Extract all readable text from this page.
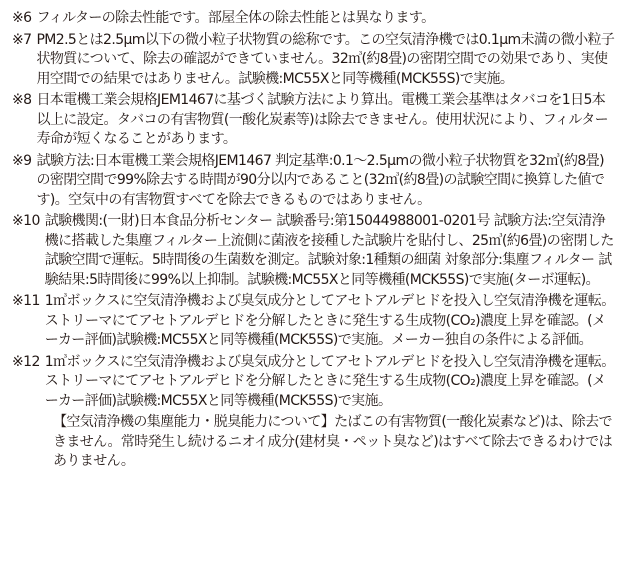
※6 フィルターの除去性能です。部屋全体の除去性能とは異なります。

※7 PM2.5とは2.5μm以下の微小粒子状物質の総称です。この空気清浄機では0.1μm未満の微小粒子状物質について、除去の確認ができていません。32㎥(約8畳)の密閉空間での効果であり、実使用空間での結果ではありません。試験機:MC55Xと同等機種(MCK55S)で実施。

※8 日本電機工業会規格JEM1467に基づく試験方法により算出。電機工業会基準はタバコを1日5本以上に設定。タバコの有害物質(一酸化炭素等)は除去できません。使用状況により、フィルター寿命が短くなることがあります。

※9 試験方法:日本電機工業会規格JEM1467 判定基準:0.1～2.5μmの微小粒子状物質を32㎥(約8畳)の密閉空間で99%除去する時間が90分以内であること(32㎥(約8畳)の試験空間に換算した値です)。空気中の有害物質すべてを除去できるものではありません。

※10 試験機関:(一財)日本食品分析センター 試験番号:第15044988001-0201号 試験方法:空気清浄機に搭載した集塵フィルター上流側に菌液を接種した試験片を貼付し、25㎥(約6畳)の密閉した試験空間で運転。5時間後の生菌数を測定。試験対象:1種類の細菌 対象部分:集塵フィルター 試験結果:5時間後に99%以上抑制。試験機:MC55Xと同等機種(MCK55S)で実施(ターボ運転)。

※11 1㎥ボックスに空気清浄機および臭気成分としてアセトアルデヒドを投入し空気清浄機を運転。ストリーマにてアセトアルデヒドを分解したときに発生する生成物(CO₂)濃度上昇を確認。(メーカー評価)試験機:MC55Xと同等機種(MCK55S)で実施。メーカー独自の条件による評価。

※12 1㎥ボックスに空気清浄機および臭気成分としてアセトアルデヒドを投入し空気清浄機を運転。ストリーマにてアセトアルデヒドを分解したときに発生する生成物(CO₂)濃度上昇を確認。(メーカー評価)試験機:MC55Xと同等機種(MCK55S)で実施。

【空気清浄機の集塵能力・脱臭能力について】たばこの有害物質(一酸化炭素など)は、除去できません。常時発生し続けるニオイ成分(建材臭・ペット臭など)はすべて除去できるわけではありません。
